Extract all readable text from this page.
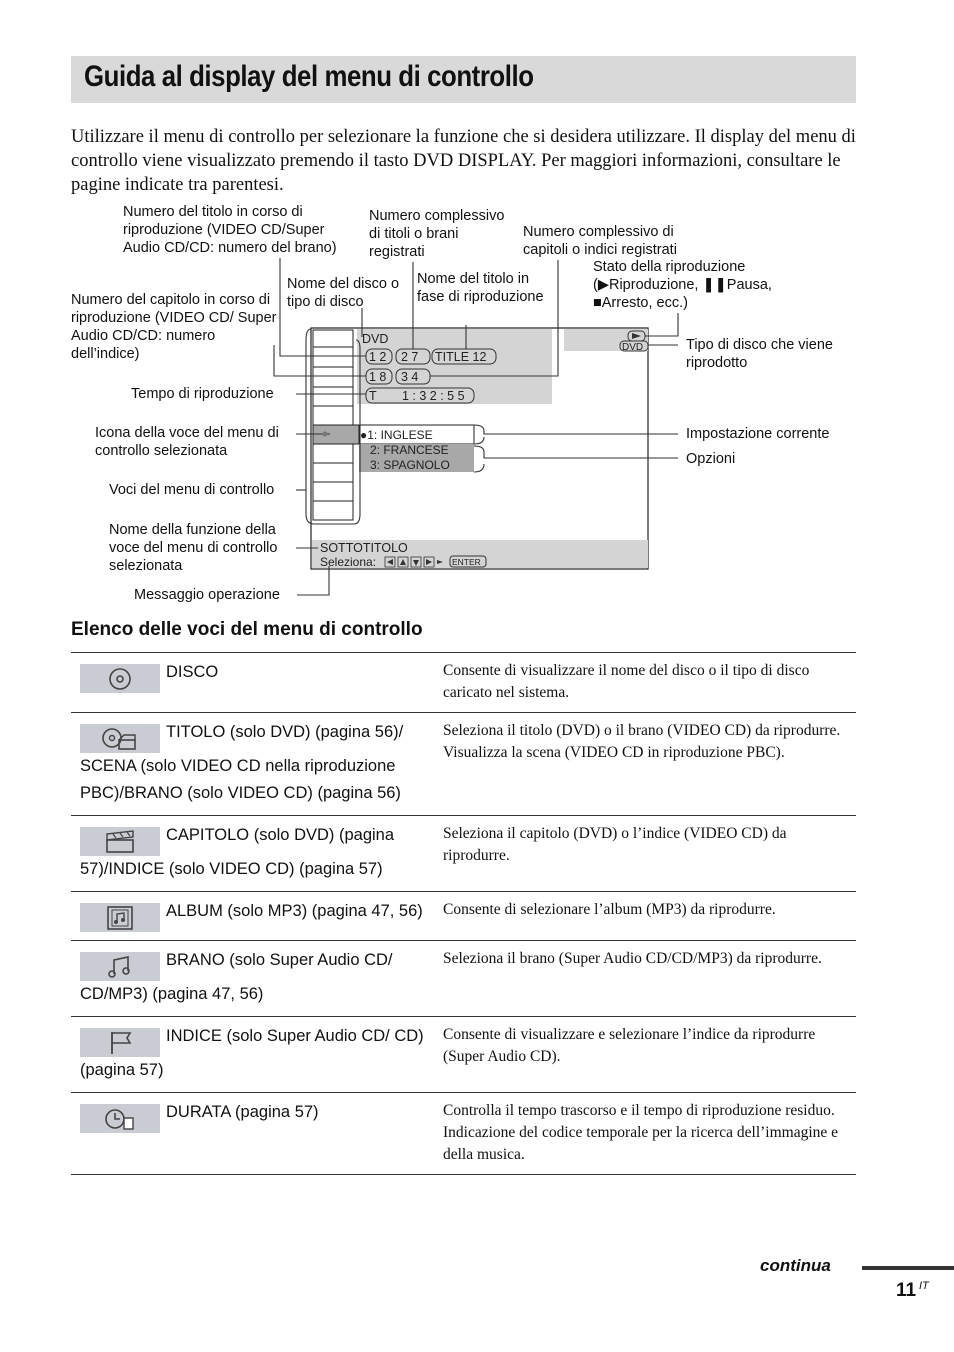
Guida al display del menu di controllo
Utilizzare il menu di controllo per selezionare la funzione che si desidera utilizzare. Il display del menu di controllo viene visualizzato premendo il tasto DVD DISPLAY. Per maggiori informazioni, consultare le pagine indicate tra parentesi.
DVD
1 2 2 7 TITLE 12
1 8 3 4
T 1 : 3 2 : 5 5
DVD
●1: INGLESE
2: FRANCESE
3: SPAGNOLO
SOTTOTITOLO
Seleziona:	ENTER
Numero del titolo in corso di riproduzione (VIDEO CD/Super Audio CD/CD: numero del brano)
Numero complessivo di titoli o brani registrati
Numero complessivo di capitoli o indici registrati
Nome del disco o tipo di disco
Nome del titolo in fase di riproduzione
Stato della riproduzione (▶Riproduzione, ❚❚Pausa, ■Arresto, ecc.)
Numero del capitolo in corso di riproduzione (VIDEO CD/ Super Audio CD/CD: numero dell’indice)
Tipo di disco che viene riprodotto
Tempo di riproduzione
Icona della voce del menu di controllo selezionata
Impostazione corrente
Opzioni
Voci del menu di controllo
Nome della funzione della voce del menu di controllo selezionata
Messaggio operazione
Elenco delle voci del menu di controllo
DISCO	Consente di visualizzare il nome del disco o il tipo di disco caricato nel sistema.

TITOLO (solo DVD) (pagina 56)/ SCENA (solo VIDEO CD nella riproduzione PBC)/BRANO (solo VIDEO CD) (pagina 56)	Seleziona il titolo (DVD) o il brano (VIDEO CD) da riprodurre.
Visualizza la scena (VIDEO CD in riproduzione PBC).

CAPITOLO (solo DVD) (pagina 57)/INDICE (solo VIDEO CD) (pagina 57)	Seleziona il capitolo (DVD) o l’indice (VIDEO CD) da riprodurre.

ALBUM (solo MP3) (pagina 47, 56)	Consente di selezionare l’album (MP3) da riprodurre.

BRANO (solo Super Audio CD/ CD/MP3) (pagina 47, 56)	Seleziona il brano (Super Audio CD/CD/MP3) da riprodurre.

INDICE (solo Super Audio CD/ CD) (pagina 57)	Consente di visualizzare e selezionare l’indice da riprodurre (Super Audio CD).

DURATA (pagina 57)	Controlla il tempo trascorso e il tempo di riproduzione residuo.
Indicazione del codice temporale per la ricerca dell’immagine e della musica.
continua
11 IT
